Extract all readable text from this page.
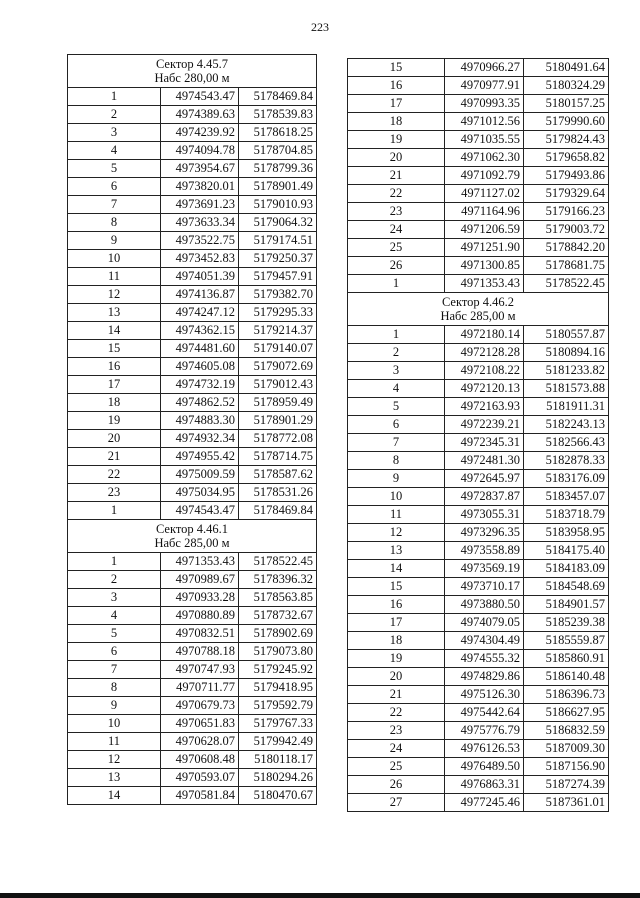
223
Сектор 4.45.7
Набс 280,00 м		

1	4974543.47	5178469.84
2	4974389.63	5178539.83
3	4974239.92	5178618.25
4	4974094.78	5178704.85
5	4973954.67	5178799.36
6	4973820.01	5178901.49
7	4973691.23	5179010.93
8	4973633.34	5179064.32
9	4973522.75	5179174.51
10	4973452.83	5179250.37
11	4974051.39	5179457.91
12	4974136.87	5179382.70
13	4974247.12	5179295.33
14	4974362.15	5179214.37
15	4974481.60	5179140.07
16	4974605.08	5179072.69
17	4974732.19	5179012.43
18	4974862.52	5178959.49
19	4974883.30	5178901.29
20	4974932.34	5178772.08
21	4974955.42	5178714.75
22	4975009.59	5178587.62
23	4975034.95	5178531.26
1	4974543.47	5178469.84

Сектор 4.46.1
Набс 285,00 м		

1	4971353.43	5178522.45
2	4970989.67	5178396.32
3	4970933.28	5178563.85
4	4970880.89	5178732.67
5	4970832.51	5178902.69
6	4970788.18	5179073.80
7	4970747.93	5179245.92
8	4970711.77	5179418.95
9	4970679.73	5179592.79
10	4970651.83	5179767.33
11	4970628.07	5179942.49
12	4970608.48	5180118.17
13	4970593.07	5180294.26
14	4970581.84	5180470.67
15	4970966.27	5180491.64
16	4970977.91	5180324.29
17	4970993.35	5180157.25
18	4971012.56	5179990.60
19	4971035.55	5179824.43
20	4971062.30	5179658.82
21	4971092.79	5179493.86
22	4971127.02	5179329.64
23	4971164.96	5179166.23
24	4971206.59	5179003.72
25	4971251.90	5178842.20
26	4971300.85	5178681.75
1	4971353.43	5178522.45

Сектор 4.46.2
Набс 285,00 м		

1	4972180.14	5180557.87
2	4972128.28	5180894.16
3	4972108.22	5181233.82
4	4972120.13	5181573.88
5	4972163.93	5181911.31
6	4972239.21	5182243.13
7	4972345.31	5182566.43
8	4972481.30	5182878.33
9	4972645.97	5183176.09
10	4972837.87	5183457.07
11	4973055.31	5183718.79
12	4973296.35	5183958.95
13	4973558.89	5184175.40
14	4973569.19	5184183.09
15	4973710.17	5184548.69
16	4973880.50	5184901.57
17	4974079.05	5185239.38
18	4974304.49	5185559.87
19	4974555.32	5185860.91
20	4974829.86	5186140.48
21	4975126.30	5186396.73
22	4975442.64	5186627.95
23	4975776.79	5186832.59
24	4976126.53	5187009.30
25	4976489.50	5187156.90
26	4976863.31	5187274.39
27	4977245.46	5187361.01
